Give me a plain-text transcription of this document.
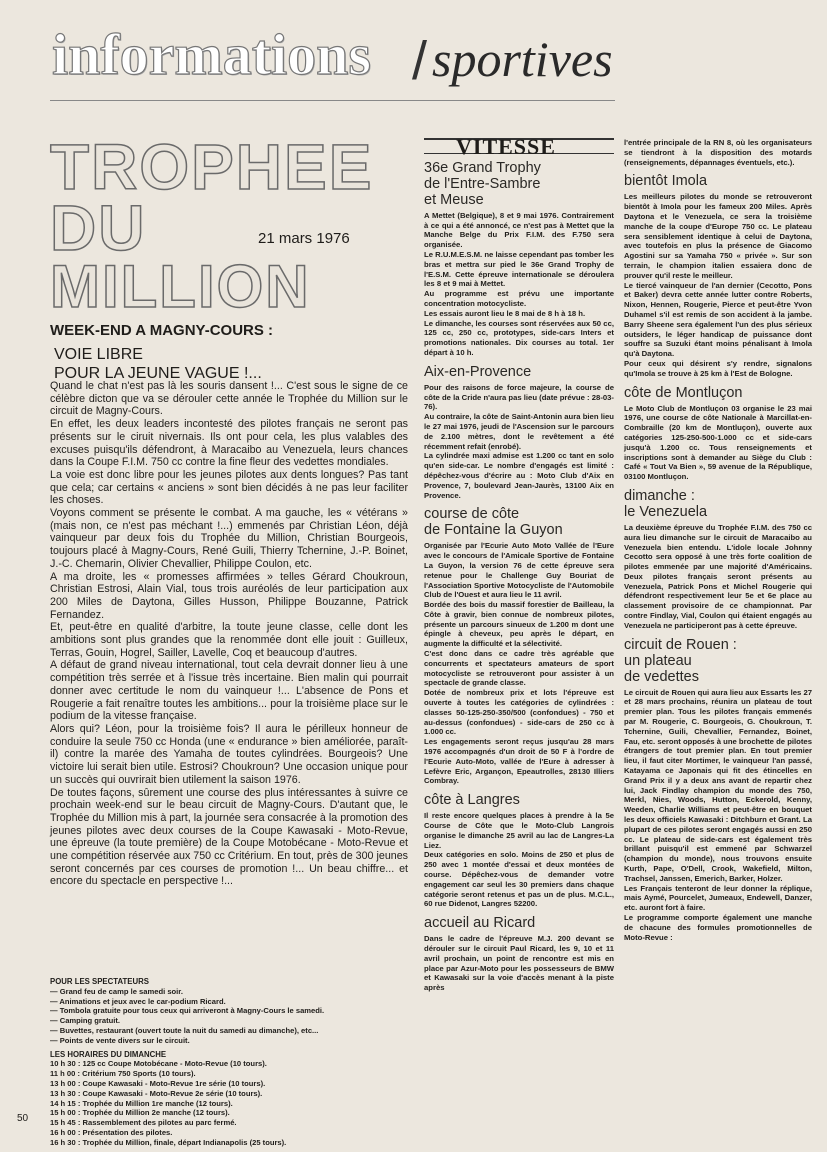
informations / sportives
TROPHEE
DU
MILLION
21 mars 1976
WEEK-END A MAGNY-COURS :
VOIE LIBRE
POUR LA JEUNE VAGUE !...

Quand le chat n'est pas là les souris dansent !... C'est sous le signe de ce célèbre dicton que va se dérouler cette année le Trophée du Million sur le circuit de Magny-Cours.

En effet, les deux leaders incontesté des pilotes français ne seront pas présents sur le ciruit nivernais. Ils ont pour cela, les plus valables des excuses puisqu'ils défendront, à Maracaibo au Venezuela, leurs chances dans la Coupe F.I.M. 750 cc contre la fine fleur des vedettes mondiales.

La voie est donc libre pour les jeunes pilotes aux dents longues? Pas tant que cela; car certains « anciens » sont bien décidés à ne pas leur faciliter les choses.

Voyons comment se présente le combat. A ma gauche, les « vétérans » (mais non, ce n'est pas méchant !...) emmenés par Christian Léon, déjà vainqueur par deux fois du Trophée du Million, Christian Bourgeois, toujours placé à Magny-Cours, René Guili, Thierry Tchernine, J.-P. Boinet, J.-C. Chemarin, Olivier Chevallier, Philippe Coulon, etc.

A ma droite, les « promesses affirmées » telles Gérard Choukroun, Christian Estrosi, Alain Vial, tous trois auréolés de leur participation aux 200 Miles de Daytona, Gilles Husson, Philippe Bouzanne, Patrick Fernandez.

Et, peut-être en qualité d'arbitre, la toute jeune classe, celle dont les ambitions sont plus grandes que la renommée dont elle jouit : Guilleux, Terras, Gouin, Hogrel, Sailler, Lavelle, Coq et beaucoup d'autres.

A défaut de grand niveau international, tout cela devrait donner lieu à une compétition très serrée et à l'issue très incertaine. Bien malin qui pourrait donner avec certitude le nom du vainqueur !... L'absence de Pons et Rougerie a fait renaître toutes les ambitions... pour la troisième place sur le podium de la vitesse française.

Alors qui? Léon, pour la troisième fois? Il aura le périlleux honneur de conduire la seule 750 cc Honda (une « endurance » bien améliorée, paraît-il) contre la marée des Yamaha de toutes cylindrées. Bourgeois? Une victoire lui serait bien utile. Estrosi? Choukroun? Une occasion unique pour un succès qui ouvrirait bien utilement la saison 1976.

De toutes façons, sûrement une course des plus intéressantes à suivre ce prochain week-end sur le beau circuit de Magny-Cours. D'autant que, le Trophée du Million mis à part, la journée sera consacrée à la promotion des jeunes pilotes avec deux courses de la Coupe Kawasaki - Moto-Revue, une épreuve (la toute première) de la Coupe Motobécane - Moto-Revue et une compétition réservée aux 750 cc Critérium. En tout, près de 300 jeunes seront concernés par ces courses de promotion !... Un beau chiffre... et encore du spectacle en perspective !...

POUR LES SPECTATEURS
— Grand feu de camp le samedi soir.
— Animations et jeux avec le car-podium Ricard.
— Tombola gratuite pour tous ceux qui arriveront à Magny-Cours le samedi.
— Camping gratuit.
— Buvettes, restaurant (ouvert toute la nuit du samedi au dimanche), etc...
— Points de vente divers sur le circuit.
LES HORAIRES DU DIMANCHE
10 h 30 : 125 cc Coupe Motobécane - Moto-Revue (10 tours).
11 h 00 : Critérium 750 Sports (10 tours).
13 h 00 : Coupe Kawasaki - Moto-Revue 1re série (10 tours).
13 h 30 : Coupe Kawasaki - Moto-Revue 2e série (10 tours).
14 h 15 : Trophée du Million 1re manche (12 tours).
15 h 00 : Trophée du Million 2e manche (12 tours).
15 h 45 : Rassemblement des pilotes au parc fermé.
16 h 00 : Présentation des pilotes.
16 h 30 : Trophée du Million, finale, départ Indianapolis (25 tours).
50
VITESSE
36e Grand Trophy
de l'Entre-Sambre
et Meuse

A Mettet (Belgique), 8 et 9 mai 1976. Contrairement à ce qui a été annoncé, ce n'est pas à Mettet que la Manche Belge du Prix F.I.M. des F.750 sera organisée.

Le R.U.M.E.S.M. ne laisse cependant pas tomber les bras et mettra sur pied le 36e Grand Trophy de l'E.S.M. Cette épreuve internationale se déroulera les 8 et 9 mai à Mettet.

Au programme est prévu une importante concentration motocycliste.

Les essais auront lieu le 8 mai de 8 h à 18 h.

Le dimanche, les courses sont réservées aux 50 cc, 125 cc, 250 cc, prototypes, side-cars Inters et promotions nationales. Dix courses au total. 1er départ à 10 h.

Aix-en-Provence

Pour des raisons de force majeure, la course de côte de la Cride n'aura pas lieu (date prévue : 28-03-76).

Au contraire, la côte de Saint-Antonin aura bien lieu le 27 mai 1976, jeudi de l'Ascension sur le parcours de 2.100 mètres, dont le revêtement a été récemment refait (enrobé).

La cylindrée maxi admise est 1.200 cc tant en solo qu'en side-car. Le nombre d'engagés est limité : dépêchez-vous d'écrire au : Moto Club d'Aix en Provence, 7, boulevard Jean-Jaurès, 13100 Aix en Provence.

course de côte
de Fontaine la Guyon

Organisée par l'Ecurie Auto Moto Vallée de l'Eure avec le concours de l'Amicale Sportive de Fontaine La Guyon, la version 76 de cette épreuve sera retenue pour le Challenge Guy Bouriat de l'Association Sportive Motocycliste de l'Automobile Club de l'Ouest et aura lieu le 11 avril.

Bordée des bois du massif forestier de Bailleau, la Côte à gravir, bien connue de nombreux pilotes, présente un parcours sinueux de 1.200 m dont une épingle à cheveux, peu après le départ, en augmente la difficulté et la sélectivité.

C'est donc dans ce cadre très agréable que concurrents et spectateurs amateurs de sport motocycliste se retrouveront pour assister à un spectacle de grande classe.

Dotée de nombreux prix et lots l'épreuve est ouverte à toutes les catégories de cylindrées : classes 50-125-250-350/500 (confondues) - 750 et au-dessus (confondues) - side-cars de 250 cc à 1.000 cc.

Les engagements seront reçus jusqu'au 28 mars 1976 accompagnés d'un droit de 50 F à l'ordre de l'Ecurie Auto-Moto, vallée de l'Eure à adresser à Lefèvre Eric, Argançon, Epeautrolles, 28130 Illiers Combray.

côte à Langres

Il reste encore quelques places à prendre à la 5e Course de Côte que le Moto-Club Langrois organise le dimanche 25 avril au lac de Langres-La Liez.

Deux catégories en solo. Moins de 250 et plus de 250 avec 1 montée d'essai et deux montées de course. Dépêchez-vous de demander votre engagement car seul les 30 premiers dans chaque catégorie seront retenus et pas un de plus. M.C.L., 60 rue Didenot, Langres 52200.

accueil au Ricard

Dans le cadre de l'épreuve M.J. 200 devant se dérouler sur le circuit Paul Ricard, les 9, 10 et 11 avril prochain, un point de rencontre est mis en place par Azur-Moto pour les possesseurs de BMW et Kawasaki sur la voie d'accès menant à la piste après

l'entrée principale de la RN 8, où les organisateurs se tiendront à la disposition des motards (renseignements, dépannages éventuels, etc.).

bientôt Imola

Les meilleurs pilotes du monde se retrouveront bientôt à Imola pour les fameux 200 Miles. Après Daytona et le Venezuela, ce sera la troisième manche de la coupe d'Europe 750 cc. Le plateau sera sensiblement identique à celui de Daytona, avec toutefois en plus la présence de Giacomo Agostini sur sa Yamaha 750 « privée ». Sur son terrain, le champion italien essaiera donc de prouver qu'il reste le meilleur.

Le tiercé vainqueur de l'an dernier (Cecotto, Pons et Baker) devra cette année lutter contre Roberts, Nixon, Hennen, Rougerie, Pierce et peut-être Yvon Duhamel s'il est remis de son accident à la jambe. Barry Sheene sera également l'un des plus sérieux outsiders, le léger handicap de puissance dont souffre sa Suzuki étant moins pénalisant à Imola qu'à Daytona.

Pour ceux qui désirent s'y rendre, signalons qu'Imola se trouve à 25 km à l'Est de Bologne.

côte de Montluçon

Le Moto Club de Montluçon 03 organise le 23 mai 1976, une course de côte Nationale à Marcillat-en-Combraille (20 km de Montluçon), ouverte aux catégories 125-250-500-1.000 cc et side-cars jusqu'à 1.200 cc. Tous renseignements et inscriptions sont à demander au Siège du Club : Café « Tout Va Bien », 59 avenue de la République, 03100 Montluçon.

dimanche :
le Venezuela

La deuxième épreuve du Trophée F.I.M. des 750 cc aura lieu dimanche sur le circuit de Maracaibo au Venezuela bien entendu. L'idole locale Johnny Cecotto sera opposé à une très forte coalition de pilotes emmenée par une majorité d'Américains. Deux pilotes français seront présents au Venezuela, Patrick Pons et Michel Rougerie qui défendront respectivement leur 5e et 6e place au classement provisoire de ce championnat. Par contre Findlay, Vial, Coulon qui étaient engagés au Venezuela ne participeront pas à cette épreuve.

circuit de Rouen :
un plateau
de vedettes

Le circuit de Rouen qui aura lieu aux Essarts les 27 et 28 mars prochains, réunira un plateau de tout premier plan. Tous les pilotes français emmenés par M. Rougerie, C. Bourgeois, G. Choukroun, T. Tchernine, Guili, Chevallier, Fernandez, Boinet, Fau, etc. seront opposés à une brochette de pilotes étrangers de tout premier plan. En tout premier lieu, il faut citer Mortimer, le vainqueur l'an passé, Katayama ce Japonais qui fit des étincelles en Grand Prix il y a deux ans avant de repartir chez lui, Jack Findlay champion du monde des 750, Merkl, Nies, Woods, Hutton, Eckerold, Kenny, Weeden, Charlie Williams et peut-être en bouquet les deux officiels Kawasaki : Ditchburn et Grant. La plupart de ces pilotes seront engagés aussi en 250 cc. Le plateau de side-cars est également très brillant puisqu'il est emmené par Schwarzel (champion du monde), nous trouvons ensuite Kurth, Pape, O'Dell, Crook, Wakefield, Milton, Trachsel, Janssen, Emerich, Barker, Holzer.

Les Français tenteront de leur donner la réplique, mais Aymé, Pourcelet, Jumeaux, Endewell, Danzer, etc. auront fort à faire.

Le programme comporte également une manche de chacune des formules promotionnelles de Moto-Revue :
